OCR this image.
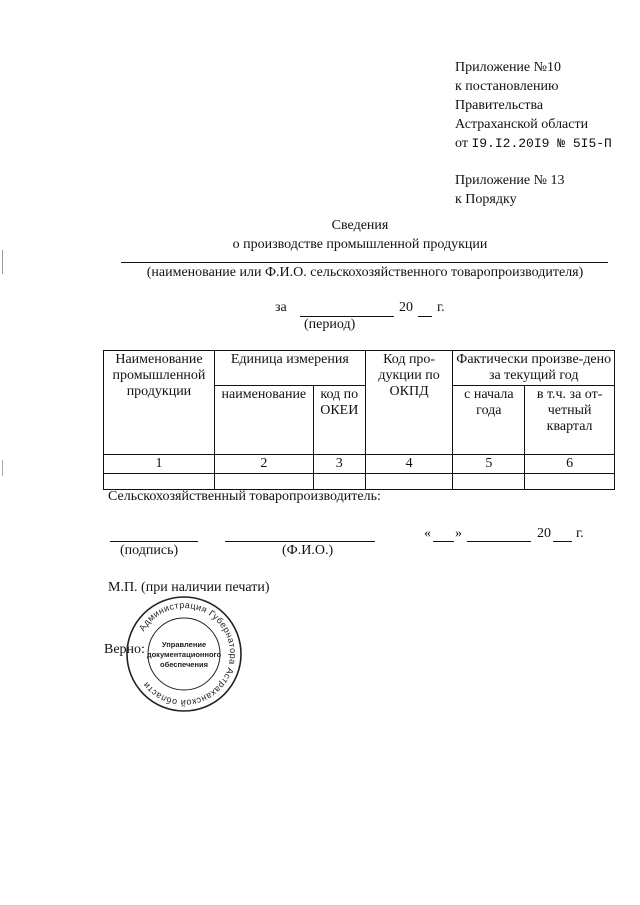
Приложение №10
к постановлению
Правительства
Астраханской области
от I9.I2.20I9 № 5I5-П
Приложение № 13
к Порядку
Сведения
о производстве промышленной продукции
(наименование или Ф.И.О. сельскохозяйственного товаропроизводителя)
за	20 г.
(период)
Наименование промышленной продукции	Единица измерения		Код про-дукции по ОКПД	Фактически произве-дено за текущий год	
	наименование	код по ОКЕИ		с начала года	в т.ч. за от-четный квартал
1	2	3	4	5	6

Сельскохозяйственный товаропроизводитель:
(подпись)	(Ф.И.О.)
« »	20 г.
М.П. (при наличии печати)
Верно:
Администрация Губернатора Астраханской области
Управление
документационного
обеспечения
